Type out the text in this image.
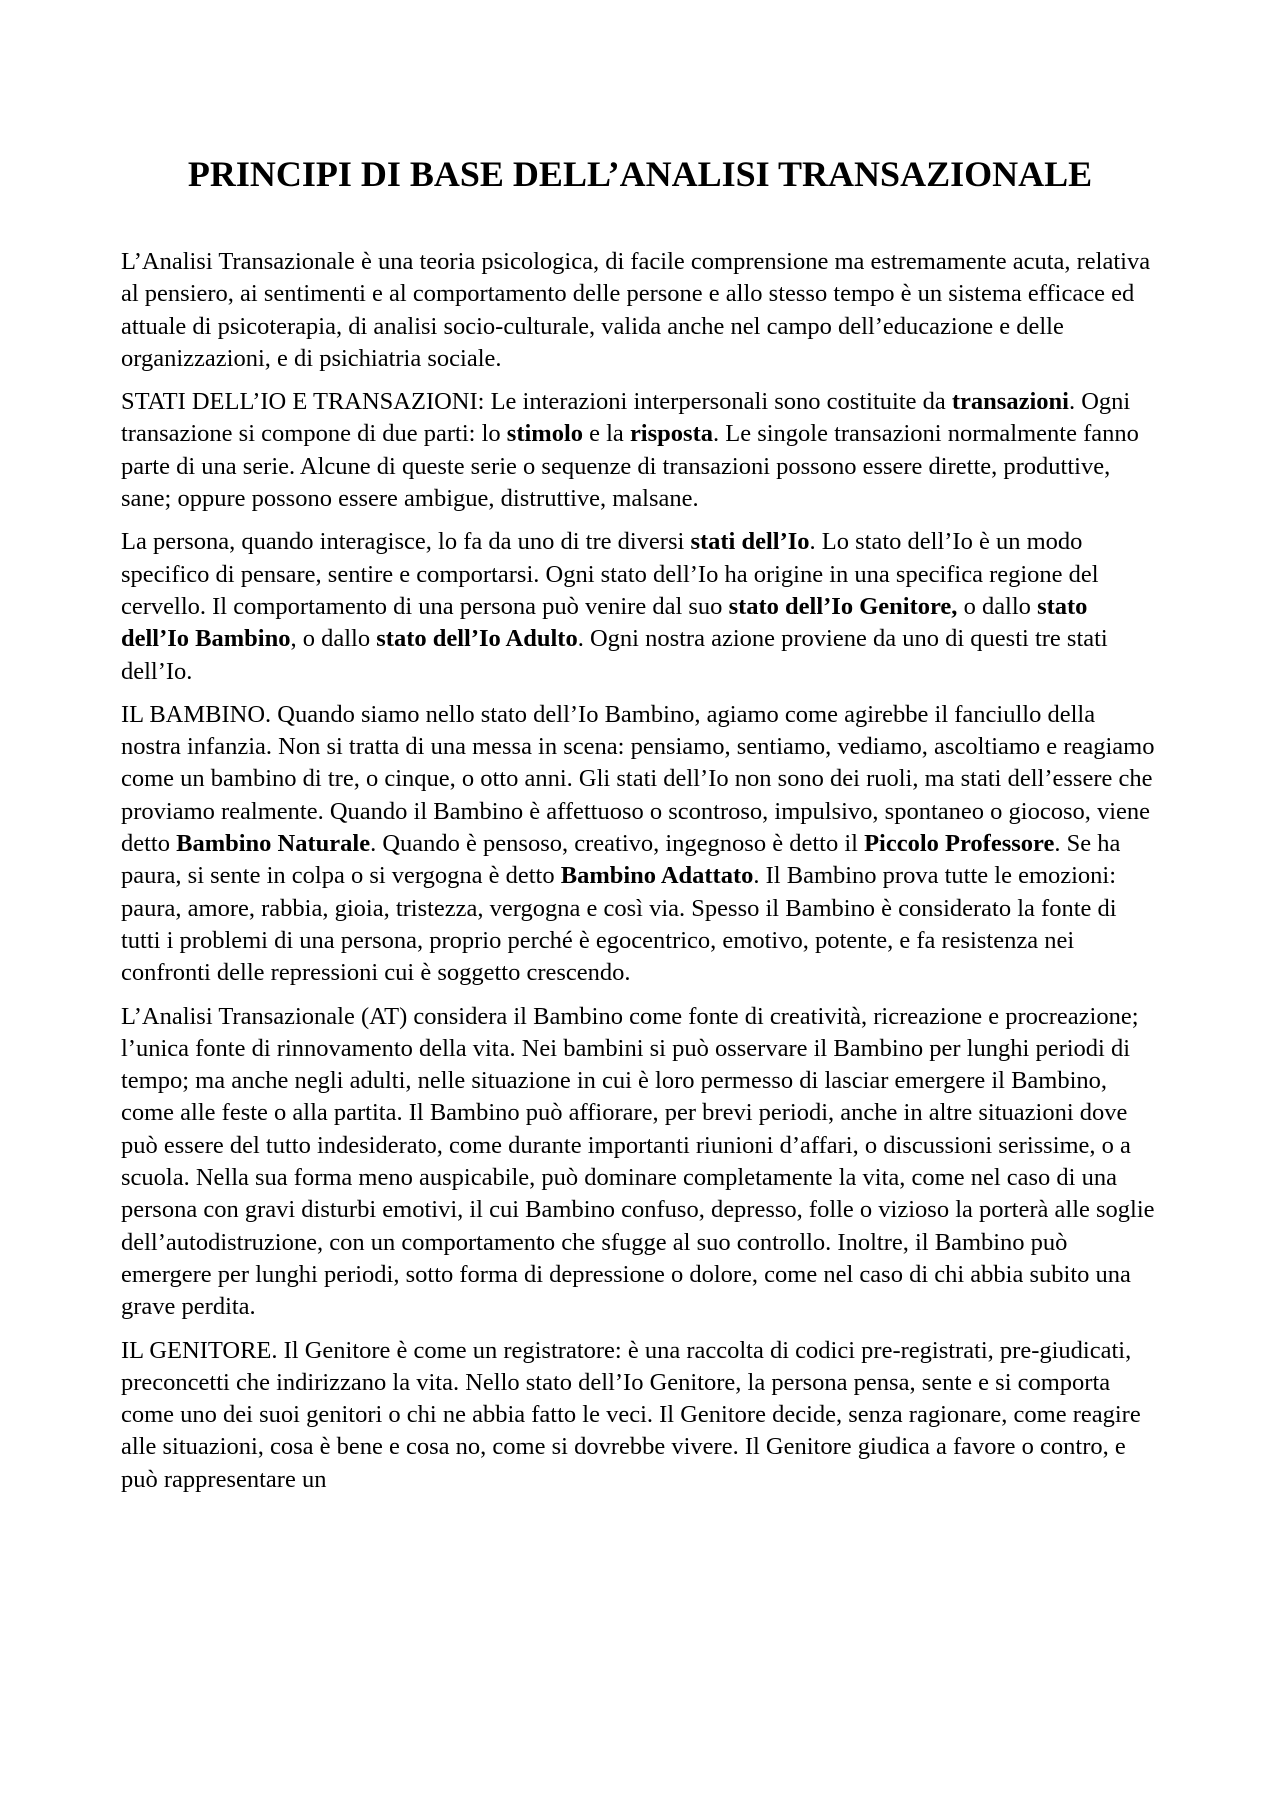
PRINCIPI DI BASE DELL’ANALISI TRANSAZIONALE

L’Analisi Transazionale è una teoria psicologica, di facile comprensione ma estremamente acuta, relativa al pensiero, ai sentimenti e al comportamento delle persone e allo stesso tempo è un sistema efficace ed attuale di psicoterapia, di analisi socio-culturale, valida anche nel campo dell’educazione e delle organizzazioni, e di psichiatria sociale.

STATI DELL’IO E TRANSAZIONI: Le interazioni interpersonali sono costituite da transazioni. Ogni transazione si compone di due parti: lo stimolo e la risposta. Le singole transazioni normalmente fanno parte di una serie. Alcune di queste serie o sequenze di transazioni possono essere dirette, produttive, sane; oppure possono essere ambigue, distruttive, malsane.

La persona, quando interagisce, lo fa da uno di tre diversi stati dell’Io. Lo stato dell’Io è un modo specifico di pensare, sentire e comportarsi. Ogni stato dell’Io ha origine in una specifica regione del cervello. Il comportamento di una persona può venire dal suo stato dell’Io Genitore, o dallo stato dell’Io Bambino, o dallo stato dell’Io Adulto. Ogni nostra azione proviene da uno di questi tre stati dell’Io.

IL BAMBINO. Quando siamo nello stato dell’Io Bambino, agiamo come agirebbe il fanciullo della nostra infanzia. Non si tratta di una messa in scena: pensiamo, sentiamo, vediamo, ascoltiamo e reagiamo come un bambino di tre, o cinque, o otto anni. Gli stati dell’Io non sono dei ruoli, ma stati dell’essere che proviamo realmente. Quando il Bambino è affettuoso o scontroso, impulsivo, spontaneo o giocoso, viene detto Bambino Naturale. Quando è pensoso, creativo, ingegnoso è detto il Piccolo Professore. Se ha paura, si sente in colpa o si vergogna è detto Bambino Adattato. Il Bambino prova tutte le emozioni: paura, amore, rabbia, gioia, tristezza, vergogna e così via. Spesso il Bambino è considerato la fonte di tutti i problemi di una persona, proprio perché è egocentrico, emotivo, potente, e fa resistenza nei confronti delle repressioni cui è soggetto crescendo.

L’Analisi Transazionale (AT) considera il Bambino come fonte di creatività, ricreazione e procreazione; l’unica fonte di rinnovamento della vita. Nei bambini si può osservare il Bambino per lunghi periodi di tempo; ma anche negli adulti, nelle situazione in cui è loro permesso di lasciar emergere il Bambino, come alle feste o alla partita. Il Bambino può affiorare, per brevi periodi, anche in altre situazioni dove può essere del tutto indesiderato, come durante importanti riunioni d’affari, o discussioni serissime, o a scuola. Nella sua forma meno auspicabile, può dominare completamente la vita, come nel caso di una persona con gravi disturbi emotivi, il cui Bambino confuso, depresso, folle o vizioso la porterà alle soglie dell’autodistruzione, con un comportamento che sfugge al suo controllo. Inoltre, il Bambino può emergere per lunghi periodi, sotto forma di depressione o dolore, come nel caso di chi abbia subito una grave perdita.

IL GENITORE. Il Genitore è come un registratore: è una raccolta di codici pre-registrati, pre-giudicati, preconcetti che indirizzano la vita. Nello stato dell’Io Genitore, la persona pensa, sente e si comporta come uno dei suoi genitori o chi ne abbia fatto le veci. Il Genitore decide, senza ragionare, come reagire alle situazioni, cosa è bene e cosa no, come si dovrebbe vivere. Il Genitore giudica a favore o contro, e può rappresentare un
